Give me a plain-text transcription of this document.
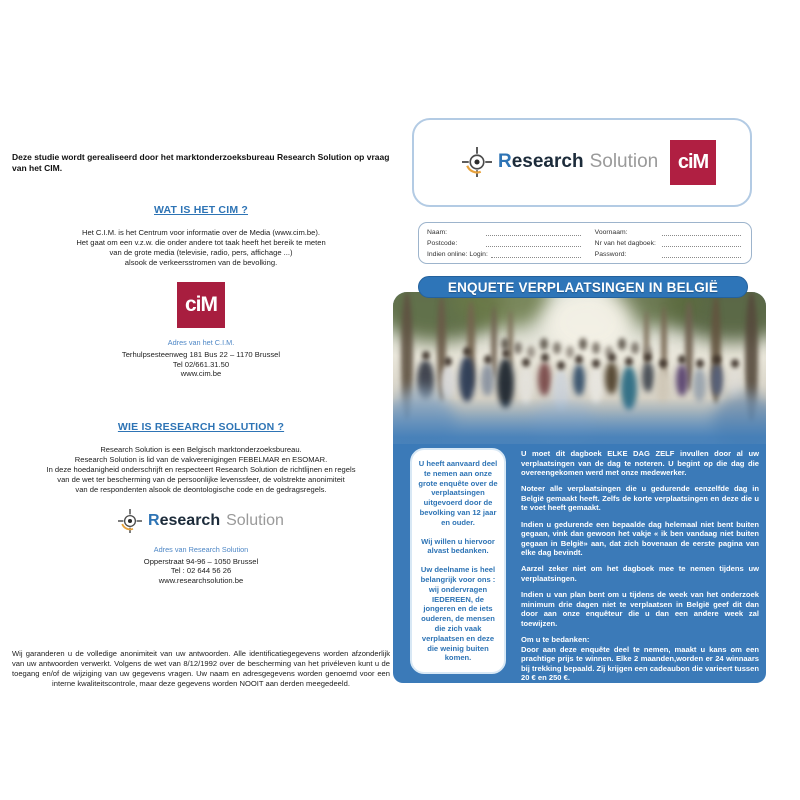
Deze studie wordt gerealiseerd door het marktonderzoeksbureau Research Solution op vraag van het CIM.

WAT IS HET CIM ?
Het C.I.M. is het Centrum voor informatie over de Media (www.cim.be).
Het gaat om een v.z.w. die onder andere tot taak heeft het bereik te meten
van de grote media (televisie, radio, pers, affichage ...)
alsook de verkeersstromen van de bevolking.
ciM
Adres van het C.I.M.
Terhulpsesteenweg 181 Bus 22 – 1170 Brussel
Tel 02/661.31.50
www.cim.be
WIE IS RESEARCH SOLUTION ?
Research Solution is een Belgisch marktonderzoeksbureau.
Research Solution is lid van de vakverenigingen FEBELMAR en ESOMAR.
In deze hoedanigheid onderschrijft en respecteert Research Solution de richtlijnen en regels
van de wet ter bescherming van de persoonlijke levenssfeer, de volstrekte anonimiteit
van de respondenten alsook de deontologische code en de gedragsregels.
Research Solution
Adres van Research Solution
Opperstraat 94-96 – 1050 Brussel
Tel : 02 644 56 26
www.researchsolution.be

Wij garanderen u de volledige anonimiteit van uw antwoorden. Alle identificatiegegevens worden afzonderlijk van uw antwoorden verwerkt. Volgens de wet van 8/12/1992 over de bescherming van het privéleven kunt u de toegang en/of de wijziging van uw gegevens vragen. Uw naam en adresgegevens worden genoemd voor een interne kwaliteitscontrole, maar deze gegevens worden NOOIT aan derden meegedeeld.

Research Solution ciM
Naam:	Voornaam:
Postcode:	Nr van het dagboek:
Indien online: Login:	Password:
ENQUETE VERPLAATSINGEN IN BELGIË

U heeft aanvaard deel te nemen aan onze grote enquête over de verplaatsingen uitgevoerd door de bevolking van 12 jaar en ouder.

Wij willen u hiervoor alvast bedanken.

Uw deelname is heel belangrijk voor ons : wij ondervragen IEDEREEN, de jongeren en de iets ouderen, de mensen die zich vaak verplaatsen en deze die weinig buiten komen.

U moet dit dagboek ELKE DAG ZELF invullen door al uw verplaatsingen van de dag te noteren. U begint op die dag die overeengekomen werd met onze medewerker.

Noteer alle verplaatsingen die u gedurende eenzelfde dag in België gemaakt heeft. Zelfs de korte verplaatsingen en deze die u te voet heeft gemaakt.

Indien u gedurende een bepaalde dag helemaal niet bent buiten gegaan, vink dan gewoon het vakje « ik ben vandaag niet buiten gegaan in België» aan, dat zich bovenaan de eerste pagina van elke dag bevindt.

Aarzel zeker niet om het dagboek mee te nemen tijdens uw verplaatsingen.

Indien u van plan bent om u tijdens de week van het onderzoek minimum drie dagen niet te verplaatsen in België geef dit dan door aan onze enquêteur die u dan een andere week zal toewijzen.

Om u te bedanken:

Door aan deze enquête deel te nemen, maakt u kans om een prachtige prijs te winnen. Elke 2 maanden,worden er 24 winnaars bij trekking bepaald. Zij krijgen een cadeaubon die varieert tussen 20 € en 250 €.
